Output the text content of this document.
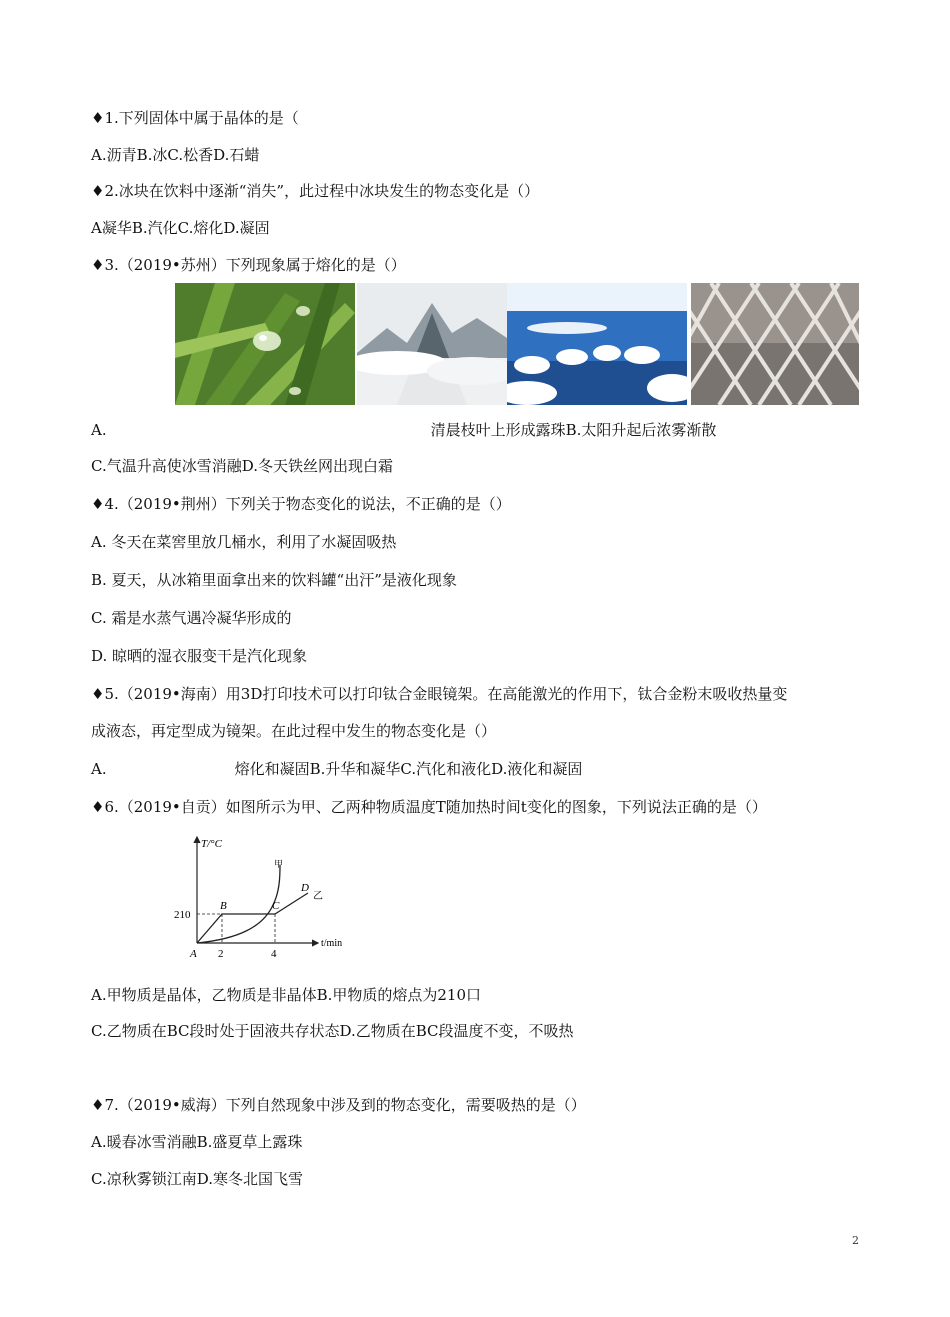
♦1.下列固体中属于晶体的是（
A.沥青B.冰C.松香D.石蜡
♦2.冰块在饮料中逐渐“消失”，此过程中冰块发生的物态变化是（）
A凝华B.汽化C.熔化D.凝固
♦3.（2019•苏州）下列现象属于熔化的是（）
A.	清晨枝叶上形成露珠B.太阳升起后浓雾渐散
C.气温升高使冰雪消融D.冬天铁丝网出现白霜
♦4.（2019•荆州）下列关于物态变化的说法，不正确的是（）
A. 冬天在菜窖里放几桶水，利用了水凝固吸热
B. 夏天，从冰箱里面拿出来的饮料罐“出汗”是液化现象
C. 霜是水蒸气遇冷凝华形成的
D. 晾晒的湿衣服变干是汽化现象
♦5.（2019•海南）用3D打印技术可以打印钛合金眼镜架。在高能激光的作用下，钛合金粉末吸收热量变
成液态，再定型成为镜架。在此过程中发生的物态变化是（）
A.	熔化和凝固B.升华和凝华C.汽化和液化D.液化和凝固
♦6.（2019•自贡）如图所示为甲、乙两种物质温度T随加热时间t变化的图象，下列说法正确的是（）
T/°C
t/min
210
2	4
A
B	C
D
甲
乙
A.甲物质是晶体，乙物质是非晶体B.甲物质的熔点为210口
C.乙物质在BC段时处于固液共存状态D.乙物质在BC段温度不变，不吸热
♦7.（2019•威海）下列自然现象中涉及到的物态变化，需要吸热的是（）
A.暖春冰雪消融B.盛夏草上露珠
C.凉秋雾锁江南D.寒冬北国飞雪
2
